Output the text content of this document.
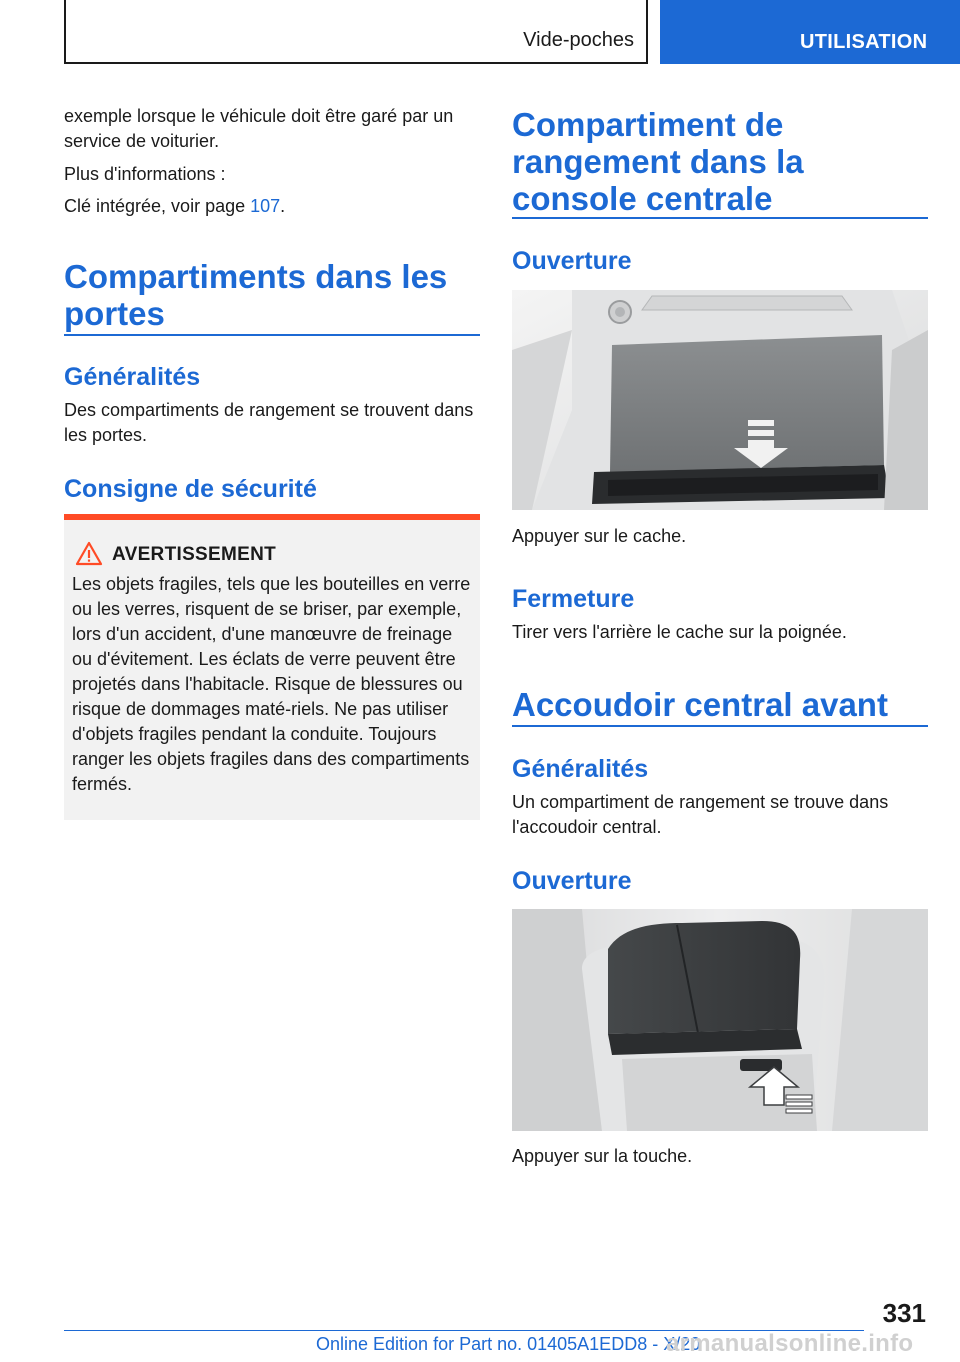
Vide-poches	UTILISATION
exemple lorsque le véhicule doit être garé par un service de voiturier.
Plus d'informations :
Clé intégrée, voir page 107.
Compartiments dans les portes
Généralités
Des compartiments de rangement se trouvent dans les portes.
Consigne de sécurité
AVERTISSEMENT
Les objets fragiles, tels que les bouteilles en verre ou les verres, risquent de se briser, par exemple, lors d'un accident, d'une manœuvre de freinage ou d'évitement. Les éclats de verre peuvent être projetés dans l'habitacle. Risque de blessures ou risque de dommages maté-riels. Ne pas utiliser d'objets fragiles pendant la conduite. Toujours ranger les objets fragiles dans des compartiments fermés.
Compartiment de rangement dans la console centrale
Ouverture
Appuyer sur le cache.
Fermeture
Tirer vers l'arrière le cache sur la poignée.
Accoudoir central avant
Généralités
Un compartiment de rangement se trouve dans l'accoudoir central.
Ouverture
Appuyer sur la touche.
331
Online Edition for Part no. 01405A1EDD8 - X/20
armanualsonline.info
